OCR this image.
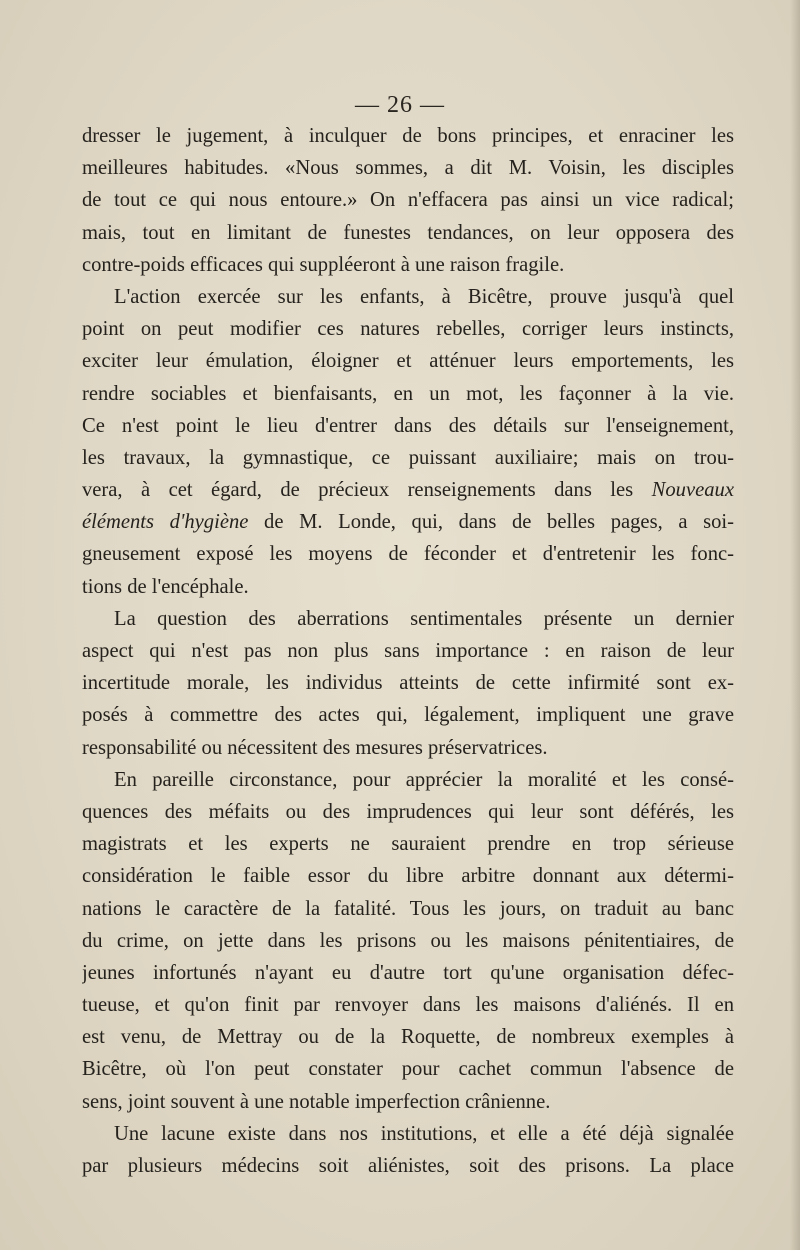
— 26 —
dresser le jugement, à inculquer de bons principes, et enraciner les
meilleures habitudes. «Nous sommes, a dit M. Voisin, les disciples
de tout ce qui nous entoure.» On n'effacera pas ainsi un vice radical;
mais, tout en limitant de funestes tendances, on leur opposera des
contre-poids efficaces qui suppléeront à une raison fragile.
L'action exercée sur les enfants, à Bicêtre, prouve jusqu'à quel
point on peut modifier ces natures rebelles, corriger leurs instincts,
exciter leur émulation, éloigner et atténuer leurs emportements, les
rendre sociables et bienfaisants, en un mot, les façonner à la vie.
Ce n'est point le lieu d'entrer dans des détails sur l'enseignement,
les travaux, la gymnastique, ce puissant auxiliaire; mais on trou-
vera, à cet égard, de précieux renseignements dans les Nouveaux
éléments d'hygiène de M. Londe, qui, dans de belles pages, a soi-
gneusement exposé les moyens de féconder et d'entretenir les fonc-
tions de l'encéphale.
La question des aberrations sentimentales présente un dernier
aspect qui n'est pas non plus sans importance : en raison de leur
incertitude morale, les individus atteints de cette infirmité sont ex-
posés à commettre des actes qui, légalement, impliquent une grave
responsabilité ou nécessitent des mesures préservatrices.
En pareille circonstance, pour apprécier la moralité et les consé-
quences des méfaits ou des imprudences qui leur sont déférés, les
magistrats et les experts ne sauraient prendre en trop sérieuse
considération le faible essor du libre arbitre donnant aux détermi-
nations le caractère de la fatalité. Tous les jours, on traduit au banc
du crime, on jette dans les prisons ou les maisons pénitentiaires, de
jeunes infortunés n'ayant eu d'autre tort qu'une organisation défec-
tueuse, et qu'on finit par renvoyer dans les maisons d'aliénés. Il en
est venu, de Mettray ou de la Roquette, de nombreux exemples à
Bicêtre, où l'on peut constater pour cachet commun l'absence de
sens, joint souvent à une notable imperfection crânienne.
Une lacune existe dans nos institutions, et elle a été déjà signalée
par plusieurs médecins soit aliénistes, soit des prisons. La place
